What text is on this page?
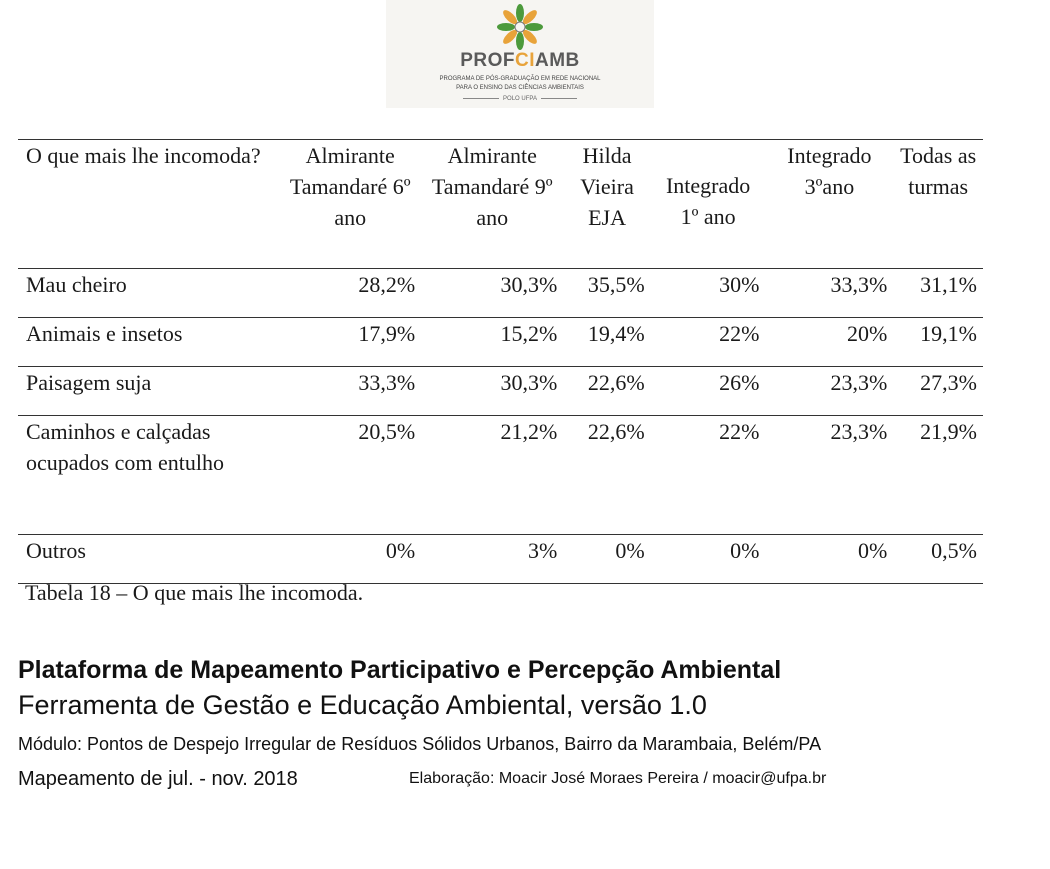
PROFCIAMB
PROGRAMA DE PÓS-GRADUAÇÃO EM REDE NACIONAL
PARA O ENSINO DAS CIÊNCIAS AMBIENTAIS
POLO UFPA
O que mais lhe incomoda?	Almirante Tamandaré 6º ano	Almirante Tamandaré 9º ano	Hilda Vieira EJA	Integrado 1º ano	Integrado 3ºano	Todas as turmas
Mau cheiro	28,2%	30,3%	35,5%	30%	33,3%	31,1%
Animais e insetos	17,9%	15,2%	19,4%	22%	20%	19,1%
Paisagem suja	33,3%	30,3%	22,6%	26%	23,3%	27,3%
Caminhos e calçadas ocupados com entulho	20,5%	21,2%	22,6%	22%	23,3%	21,9%
Outros	0%	3%	0%	0%	0%	0,5%
Tabela 18 – O que mais lhe incomoda.
Plataforma de Mapeamento Participativo e Percepção Ambiental
Ferramenta de Gestão e Educação Ambiental, versão 1.0
Módulo: Pontos de Despejo Irregular de Resíduos Sólidos Urbanos, Bairro da Marambaia, Belém/PA
Mapeamento de jul. - nov. 2018	Elaboração: Moacir José Moraes Pereira / moacir@ufpa.br
